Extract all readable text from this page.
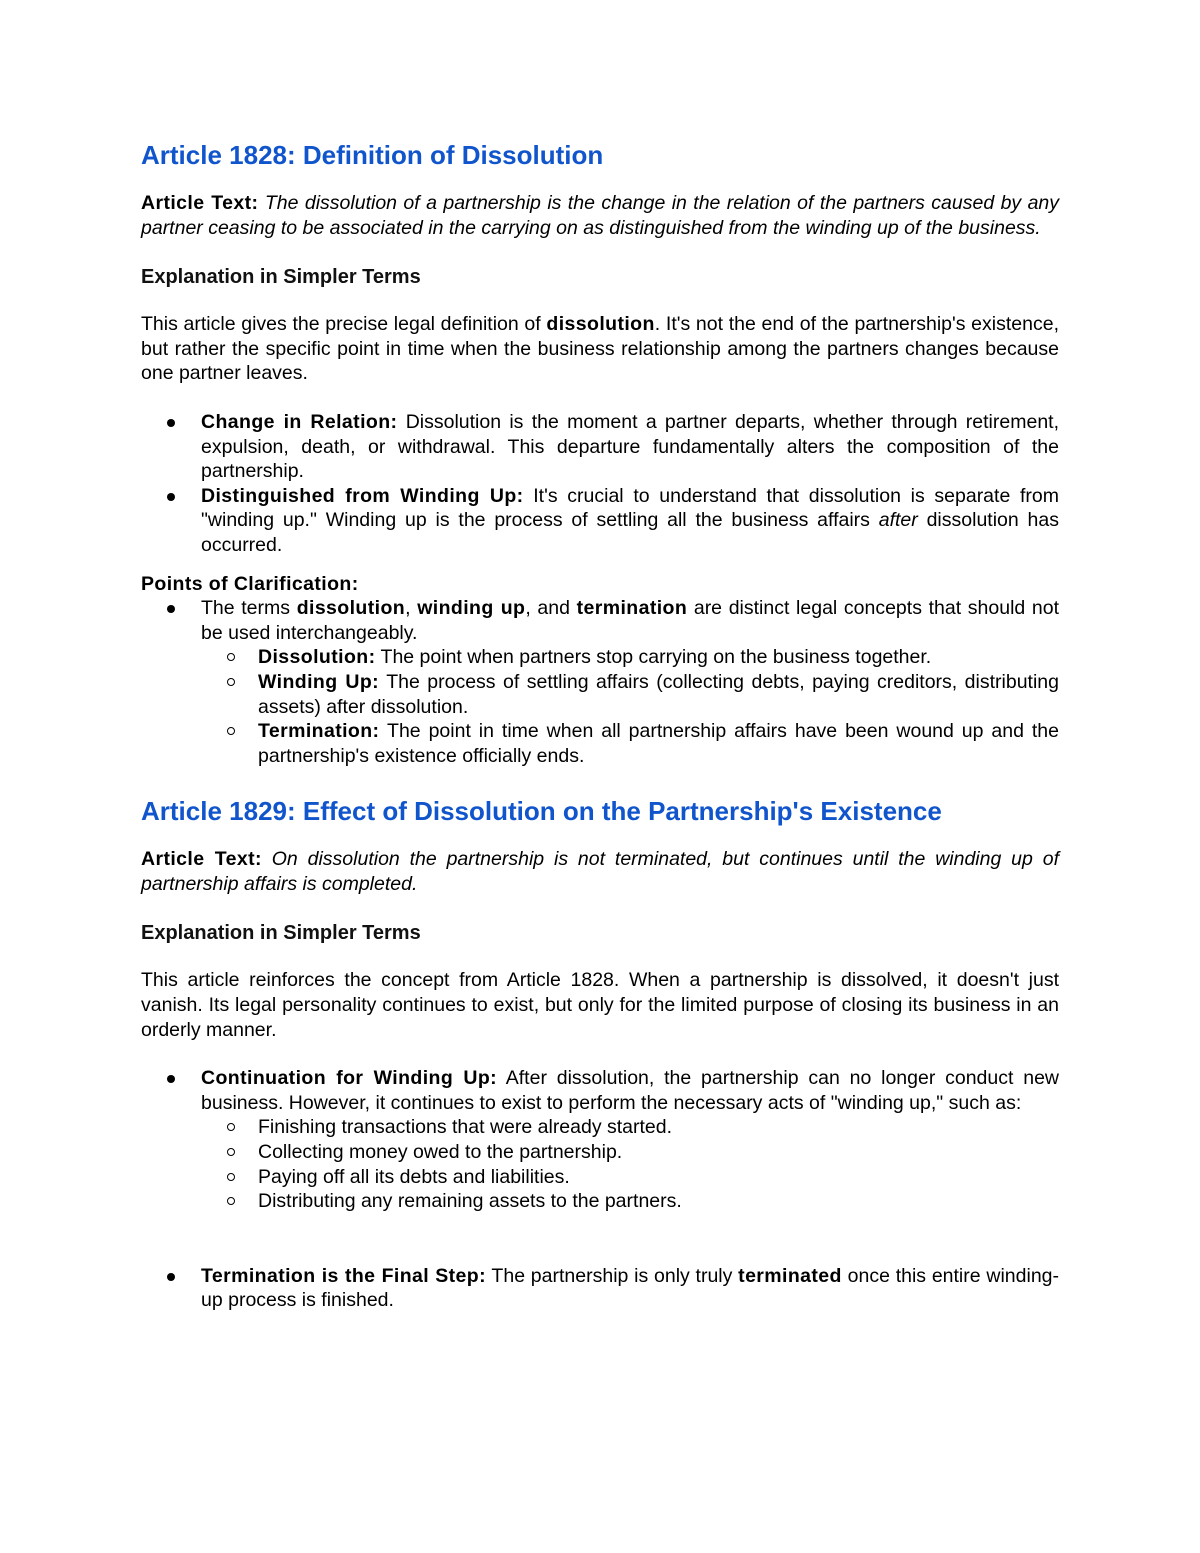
Article 1828: Definition of Dissolution

Article Text: The dissolution of a partnership is the change in the relation of the partners caused by any partner ceasing to be associated in the carrying on as distinguished from the winding up of the business.

Explanation in Simpler Terms

This article gives the precise legal definition of dissolution. It's not the end of the partnership's existence, but rather the specific point in time when the business relationship among the partners changes because one partner leaves.

Change in Relation: Dissolution is the moment a partner departs, whether through retirement, expulsion, death, or withdrawal. This departure fundamentally alters the composition of the partnership.
Distinguished from Winding Up: It's crucial to understand that dissolution is separate from "winding up." Winding up is the process of settling all the business affairs after dissolution has occurred.

Points of Clarification:

The terms dissolution, winding up, and termination are distinct legal concepts that should not be used interchangeably.
Dissolution: The point when partners stop carrying on the business together.
Winding Up: The process of settling affairs (collecting debts, paying creditors, distributing assets) after dissolution.
Termination: The point in time when all partnership affairs have been wound up and the partnership's existence officially ends.
Article 1829: Effect of Dissolution on the Partnership's Existence

Article Text: On dissolution the partnership is not terminated, but continues until the winding up of partnership affairs is completed.

Explanation in Simpler Terms

This article reinforces the concept from Article 1828. When a partnership is dissolved, it doesn't just vanish. Its legal personality continues to exist, but only for the limited purpose of closing its business in an orderly manner.

Continuation for Winding Up: After dissolution, the partnership can no longer conduct new business. However, it continues to exist to perform the necessary acts of "winding up," such as:
Finishing transactions that were already started.
Collecting money owed to the partnership.
Paying off all its debts and liabilities.
Distributing any remaining assets to the partners.
Termination is the Final Step: The partnership is only truly terminated once this entire winding-up process is finished.
